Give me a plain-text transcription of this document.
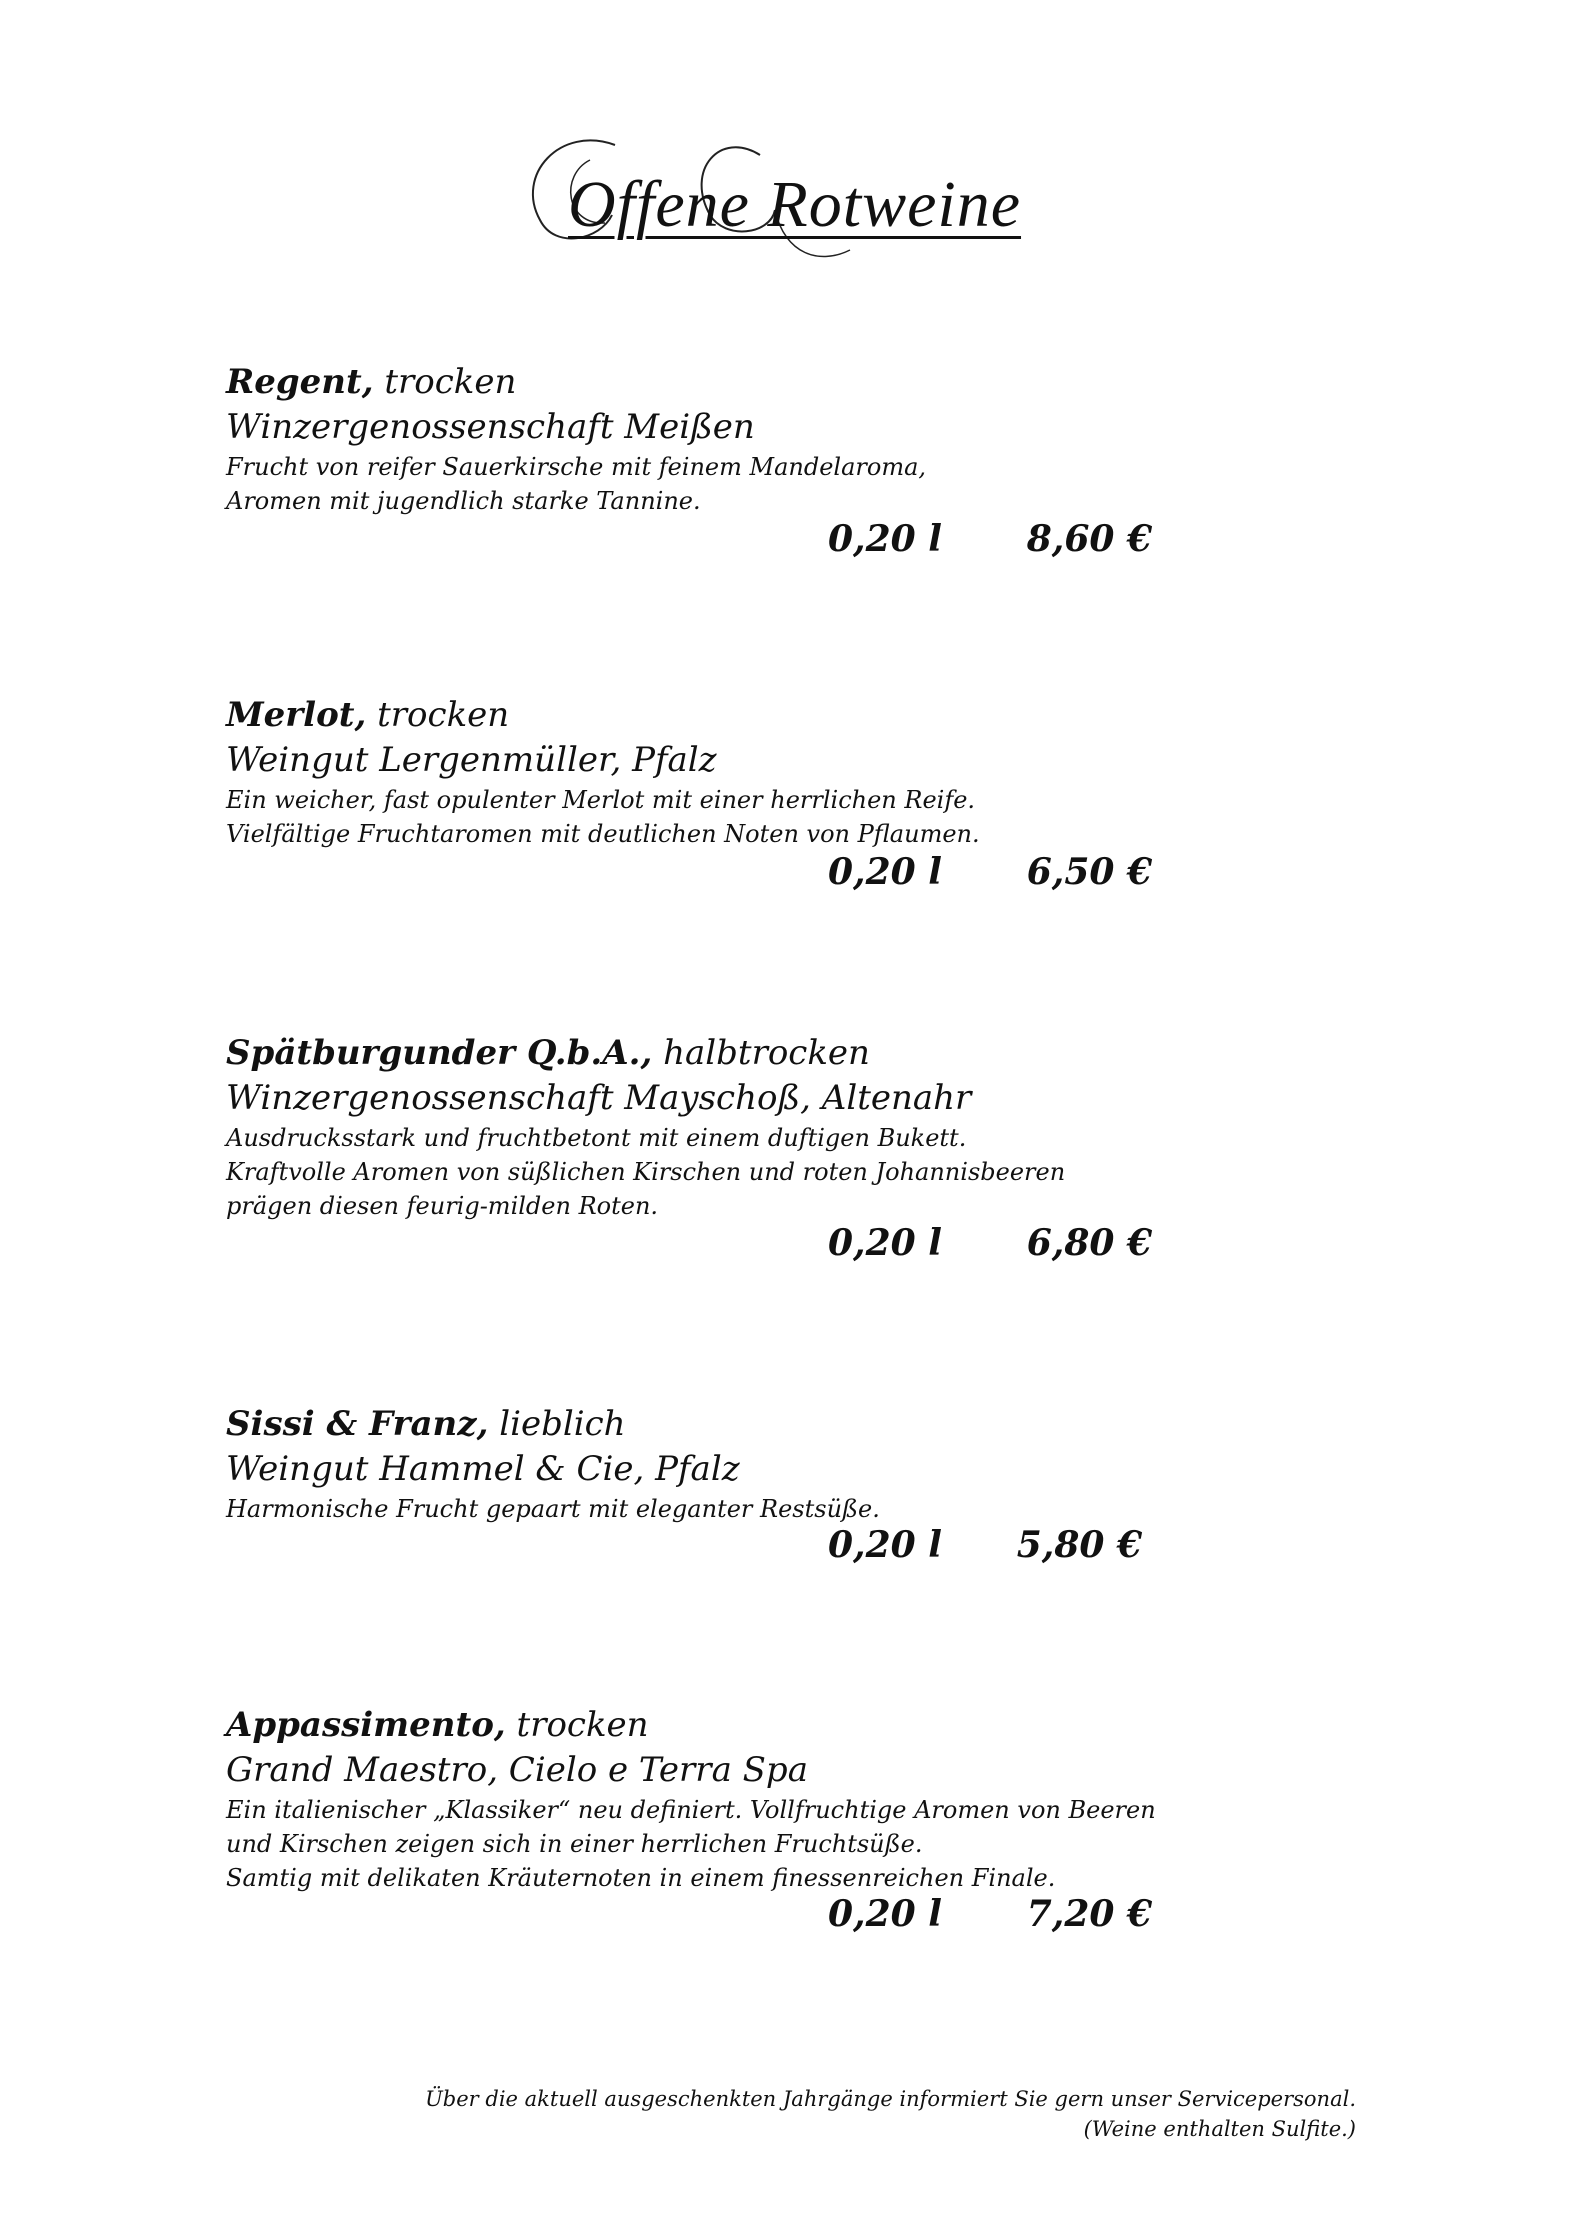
Offene Rotweine
Regent, trocken
Winzergenossenschaft Meißen
Frucht von reifer Sauerkirsche mit feinem Mandelaroma,
Aromen mit jugendlich starke Tannine.
0,20 l 8,60 €
Merlot, trocken
Weingut Lergenmüller, Pfalz
Ein weicher, fast opulenter Merlot mit einer herrlichen Reife.
Vielfältige Fruchtaromen mit deutlichen Noten von Pflaumen.
0,20 l 6,50 €
Spätburgunder Q.b.A., halbtrocken
Winzergenossenschaft Mayschoß, Altenahr
Ausdrucksstark und fruchtbetont mit einem duftigen Bukett.
Kraftvolle Aromen von süßlichen Kirschen und roten Johannisbeeren
prägen diesen feurig-milden Roten.
0,20 l 6,80 €
Sissi & Franz, lieblich
Weingut Hammel & Cie, Pfalz
Harmonische Frucht gepaart mit eleganter Restsüße.
0,20 l 5,80 €
Appassimento, trocken
Grand Maestro, Cielo e Terra Spa
Ein italienischer „Klassiker“ neu definiert. Vollfruchtige Aromen von Beeren
und Kirschen zeigen sich in einer herrlichen Fruchtsüße.
Samtig mit delikaten Kräuternoten in einem finessenreichen Finale.
0,20 l 7,20 €
Über die aktuell ausgeschenkten Jahrgänge informiert Sie gern unser Servicepersonal.
(Weine enthalten Sulfite.)
